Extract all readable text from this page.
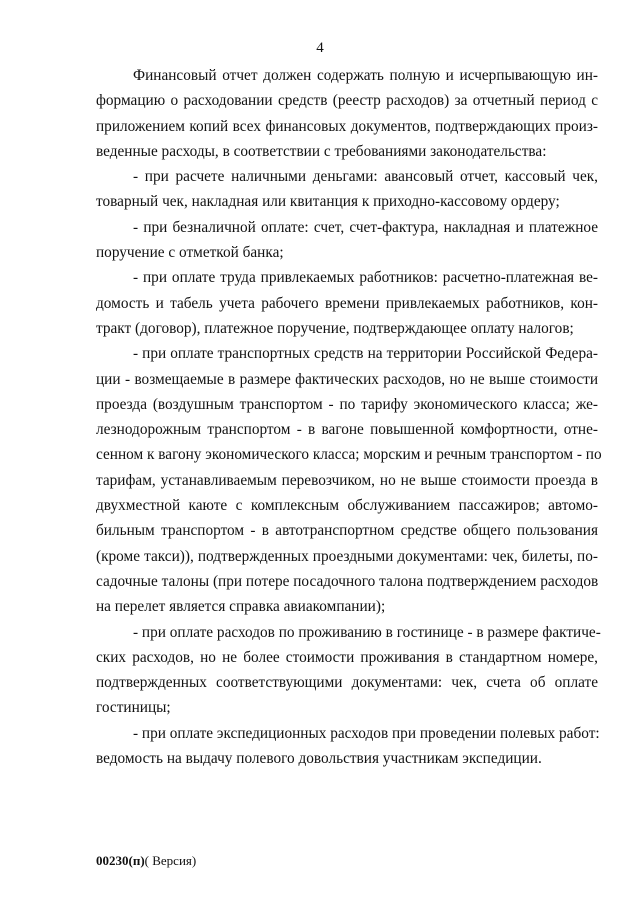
4
Финансовый отчет должен содержать полную и исчерпывающую ин-
формацию о расходовании средств (реестр расходов) за отчетный период с
приложением копий всех финансовых документов, подтверждающих произ-
веденные расходы, в соответствии с требованиями законодательства:
- при расчете наличными деньгами: авансовый отчет, кассовый чек,
товарный чек, накладная или квитанция к приходно-кассовому ордеру;
- при безналичной оплате: счет, счет-фактура, накладная и платежное
поручение с отметкой банка;
- при оплате труда привлекаемых работников: расчетно-платежная ве-
домость и табель учета рабочего времени привлекаемых работников, кон-
тракт (договор), платежное поручение, подтверждающее оплату налогов;
- при оплате транспортных средств на территории Российской Федера-
ции - возмещаемые в размере фактических расходов, но не выше стоимости
проезда (воздушным транспортом - по тарифу экономического класса; же-
лезнодорожным транспортом - в вагоне повышенной комфортности, отне-
сенном к вагону экономического класса; морским и речным транспортом - по
тарифам, устанавливаемым перевозчиком, но не выше стоимости проезда в
двухместной каюте с комплексным обслуживанием пассажиров; автомо-
бильным транспортом - в автотранспортном средстве общего пользования
(кроме такси)), подтвержденных проездными документами: чек, билеты, по-
садочные талоны (при потере посадочного талона подтверждением расходов
на перелет является справка авиакомпании);
- при оплате расходов по проживанию в гостинице - в размере фактиче-
ских расходов, но не более стоимости проживания в стандартном номере,
подтвержденных соответствующими документами: чек, счета об оплате
гостиницы;
- при оплате экспедиционных расходов при проведении полевых работ:
ведомость на выдачу полевого довольствия участникам экспедиции.
00230(п)( Версия)
